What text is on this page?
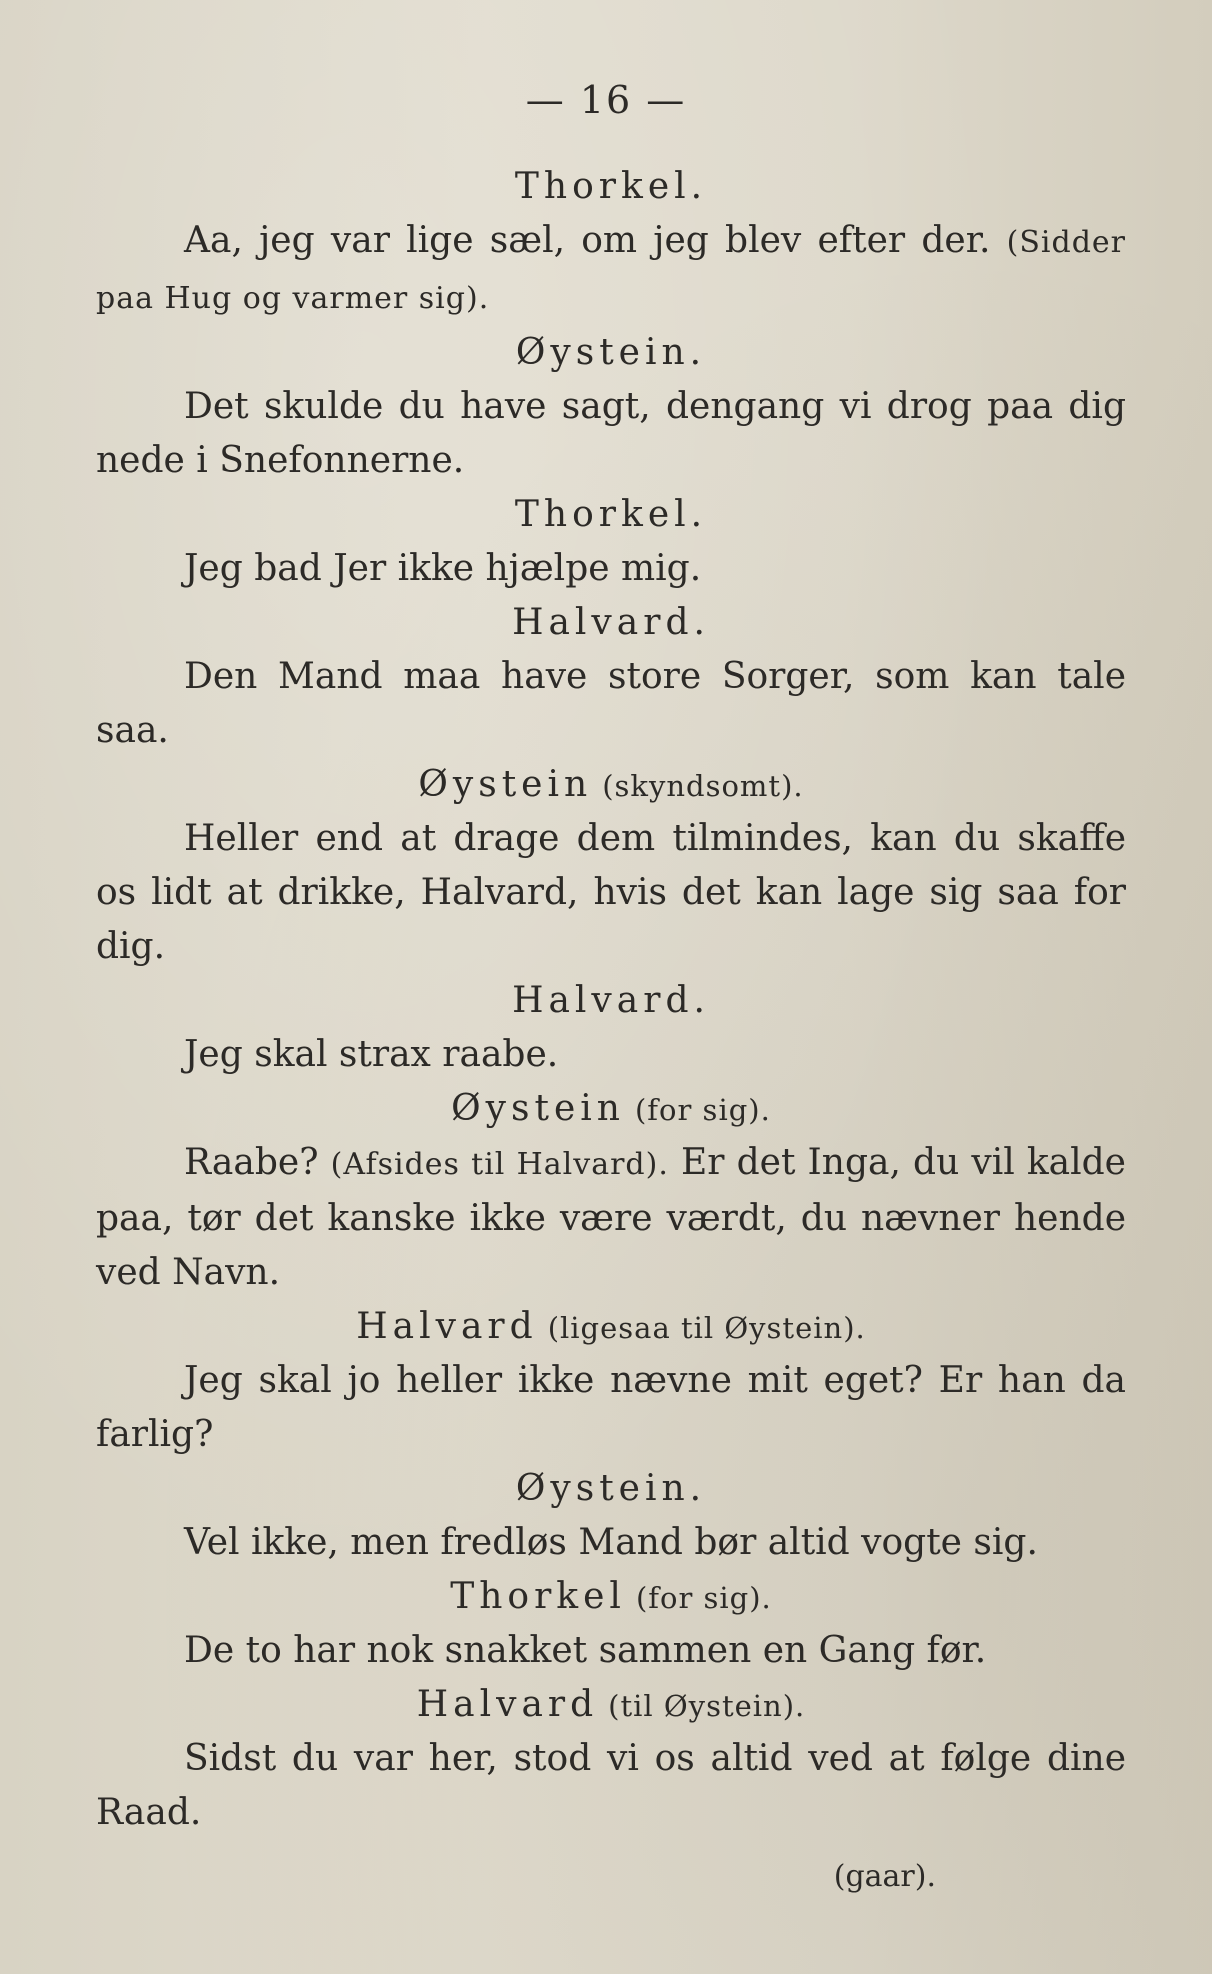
— 16 —
Thorkel.
Aa, jeg var lige sæl, om jeg blev efter der. (Sidder paa Hug og varmer sig).
Øystein.
Det skulde du have sagt, dengang vi drog paa dig nede i Snefonnerne.
Thorkel.
Jeg bad Jer ikke hjælpe mig.
Halvard.
Den Mand maa have store Sorger, som kan tale saa.
Øystein (skyndsomt).
Heller end at drage dem tilmindes, kan du skaffe os lidt at drikke, Halvard, hvis det kan lage sig saa for dig.
Halvard.
Jeg skal strax raabe.
Øystein (for sig).
Raabe? (Afsides til Halvard). Er det Inga, du vil kalde paa, tør det kanske ikke være værdt, du nævner hende ved Navn.
Halvard (ligesaa til Øystein).
Jeg skal jo heller ikke nævne mit eget? Er han da farlig?
Øystein.
Vel ikke, men fredløs Mand bør altid vogte sig.
Thorkel (for sig).
De to har nok snakket sammen en Gang før.
Halvard (til Øystein).
Sidst du var her, stod vi os altid ved at følge dine Raad.
(gaar).
